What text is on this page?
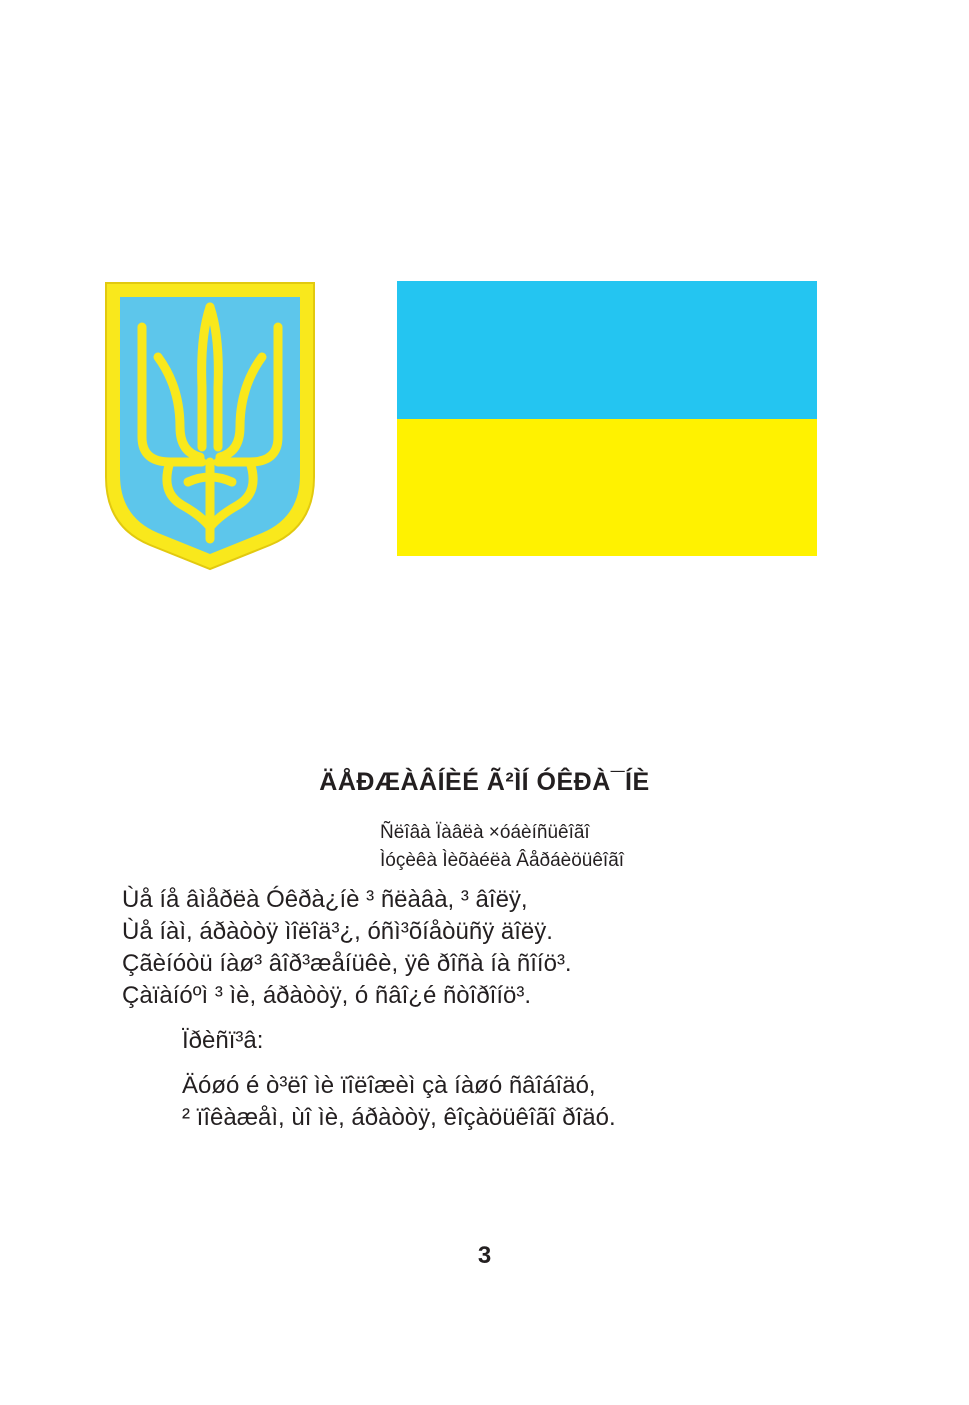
ÄÅÐÆÀÂÍÈÉ Ã²ÌÍ ÓÊÐÀ¯ÍÈ
Ñëîâà Ïàâëà ×óáèíñüêîãî
Ìóçèêà Ìèõàéëà Âåðáèöüêîãî
Ùå íå âìåðëà Óêðà¿íè ³ ñëàâà, ³ âîëÿ,
Ùå íàì, áðàòòÿ ìîëîä³¿, óñì³õíåòüñÿ äîëÿ.
Çãèíóòü íàø³ âîð³æåíüêè, ÿê ðîñà íà ñîíö³.
Çàïàíóºì ³ ìè, áðàòòÿ, ó ñâî¿é ñòîðîíö³.
Ïðèñï³â:
Äóøó é ò³ëî ìè ïîëîæèì çà íàøó ñâîáîäó,
² ïîêàæåì, ùî ìè, áðàòòÿ, êîçàöüêîãî ðîäó.
3
